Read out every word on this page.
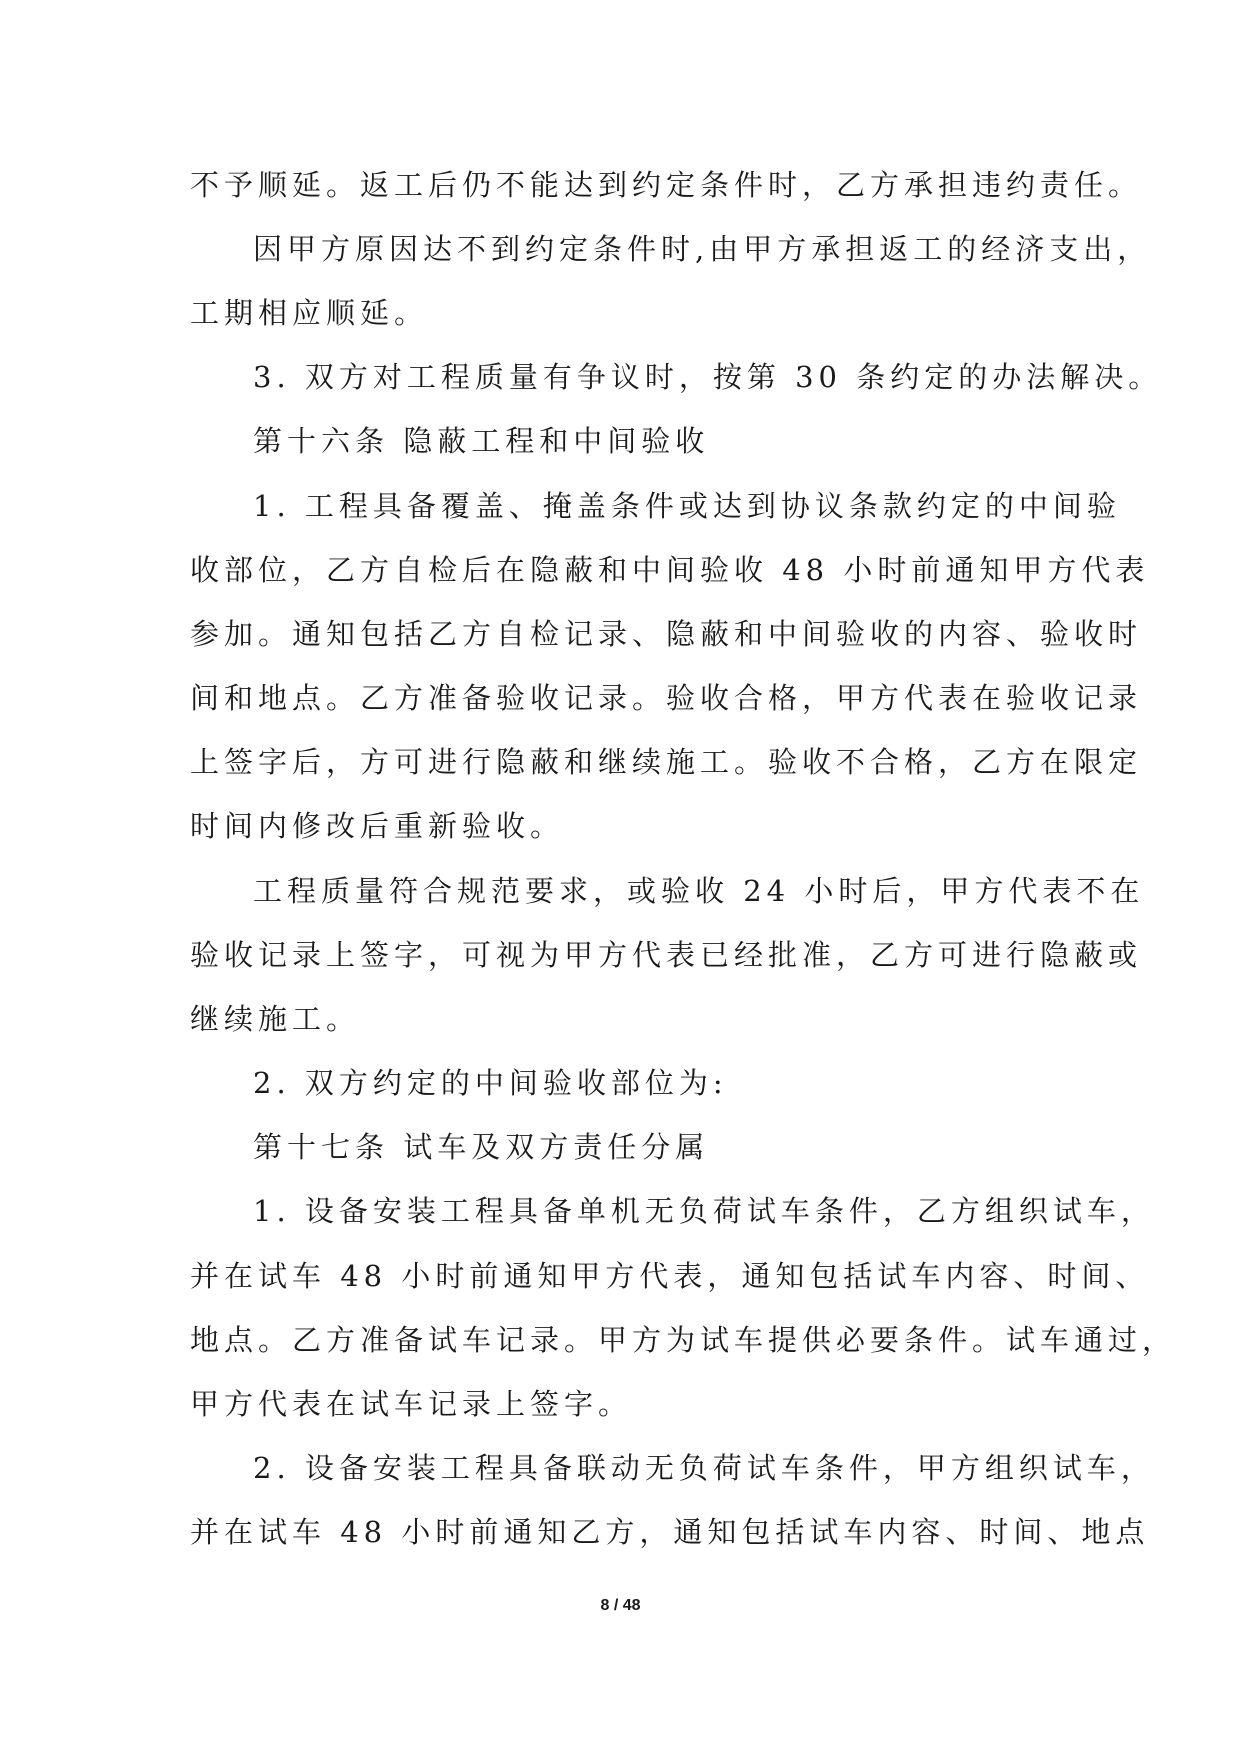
不予顺延。返工后仍不能达到约定条件时，乙方承担违约责任。
因甲方原因达不到约定条件时,由甲方承担返工的经济支出，
工期相应顺延。
3. 双方对工程质量有争议时，按第 30 条约定的办法解决。
第十六条 隐蔽工程和中间验收
1. 工程具备覆盖、掩盖条件或达到协议条款约定的中间验
收部位，乙方自检后在隐蔽和中间验收 48 小时前通知甲方代表
参加。通知包括乙方自检记录、隐蔽和中间验收的内容、验收时
间和地点。乙方准备验收记录。验收合格，甲方代表在验收记录
上签字后，方可进行隐蔽和继续施工。验收不合格，乙方在限定
时间内修改后重新验收。
工程质量符合规范要求，或验收 24 小时后，甲方代表不在
验收记录上签字，可视为甲方代表已经批准，乙方可进行隐蔽或
继续施工。
2. 双方约定的中间验收部位为:
第十七条 试车及双方责任分属
1. 设备安装工程具备单机无负荷试车条件，乙方组织试车，
并在试车 48 小时前通知甲方代表，通知包括试车内容、时间、
地点。乙方准备试车记录。甲方为试车提供必要条件。试车通过，
甲方代表在试车记录上签字。
2. 设备安装工程具备联动无负荷试车条件，甲方组织试车，
并在试车 48 小时前通知乙方，通知包括试车内容、时间、地点
8 / 48
